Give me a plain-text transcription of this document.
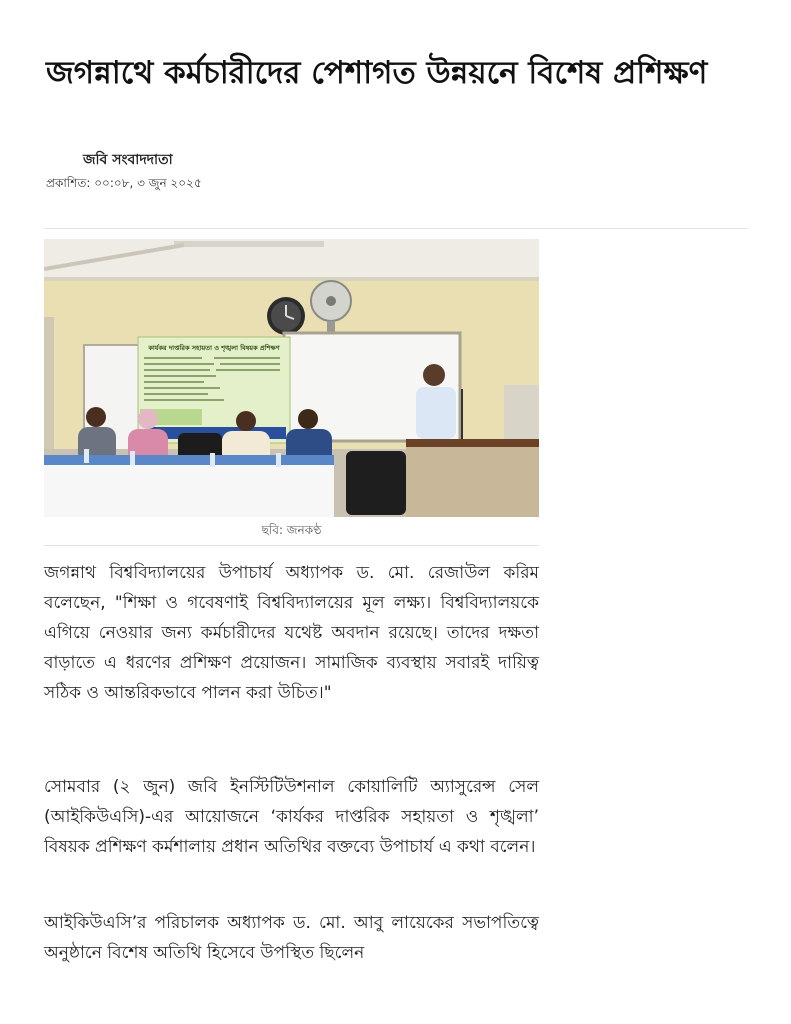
জগন্নাথে কর্মচারীদের পেশাগত উন্নয়নে বিশেষ প্রশিক্ষণ
জবি সংবাদদাতা
প্রকাশিত: ০০:০৮, ৩ জুন ২০২৫
কার্যকর দাপ্তরিক সহায়তা ও শৃঙ্খলা বিষয়ক প্রশিক্ষণ
ছবি: জনকণ্ঠ

জগন্নাথ বিশ্ববিদ্যালয়ের উপাচার্য অধ্যাপক ড. মো. রেজাউল করিম বলেছেন, "শিক্ষা ও গবেষণাই বিশ্ববিদ্যালয়ের মূল লক্ষ্য। বিশ্ববিদ্যালয়কে এগিয়ে নেওয়ার জন্য কর্মচারীদের যথেষ্ট অবদান রয়েছে। তাদের দক্ষতা বাড়াতে এ ধরণের প্রশিক্ষণ প্রয়োজন। সামাজিক ব্যবস্থায় সবারই দায়িত্ব সঠিক ও আন্তরিকভাবে পালন করা উচিত।"

সোমবার (২ জুন) জবি ইনস্টিটিউশনাল কোয়ালিটি অ্যাসুরেন্স সেল (আইকিউএসি)-এর আয়োজনে ‘কার্যকর দাপ্তরিক সহায়তা ও শৃঙ্খলা’ বিষয়ক প্রশিক্ষণ কর্মশালায় প্রধান অতিথির বক্তব্যে উপাচার্য এ কথা বলেন।

আইকিউএসি’র পরিচালক অধ্যাপক ড. মো. আবু লায়েকের সভাপতিত্বে অনুষ্ঠানে বিশেষ অতিথি হিসেবে উপস্থিত ছিলেন
